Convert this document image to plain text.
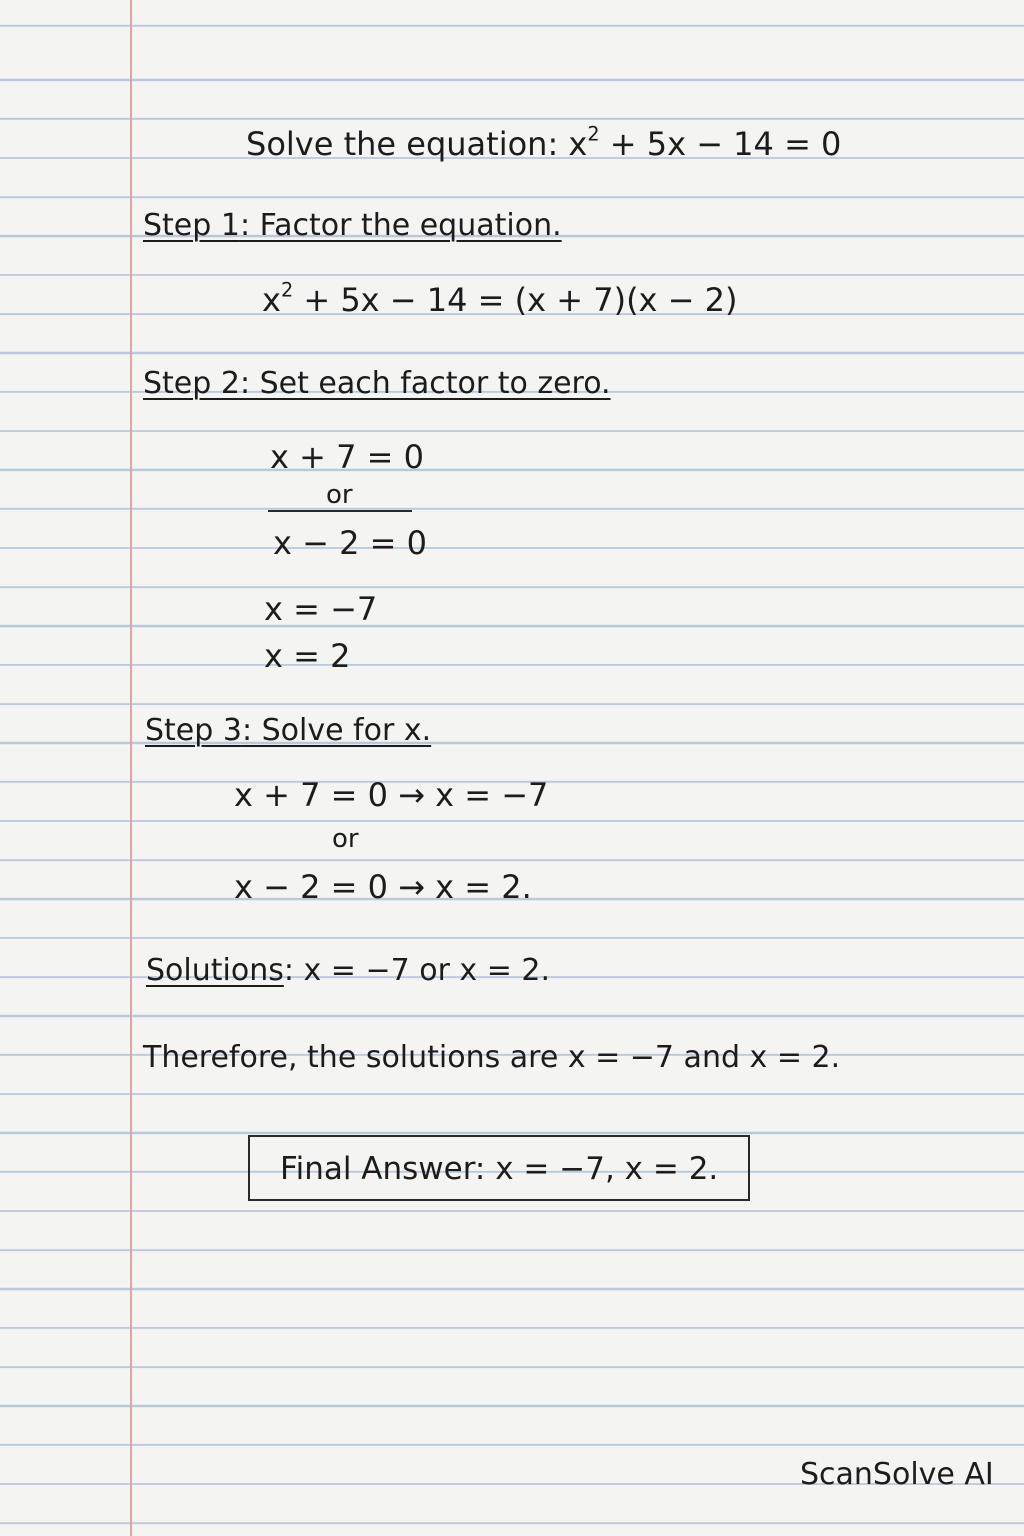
Solve the equation: $x^2 + 5x - 14 = 0$

Step 1: Factor the equation.

$x^2 + 5x - 14 = (x + 7)(x - 2)$

Step 2: Set each factor to zero.

x + 7 = 0

or

x − 2 = 0

x = −7

x = 2

Step 3: Solve for x.

x + 7 = 0 → x = −7

or

x − 2 = 0 → x = 2.

Solutions: x = −7 or x = 2.

Therefore, the solutions are x = −7 and x = 2.

Final Answer: x = −7, x = 2.

ScanSolve AI
